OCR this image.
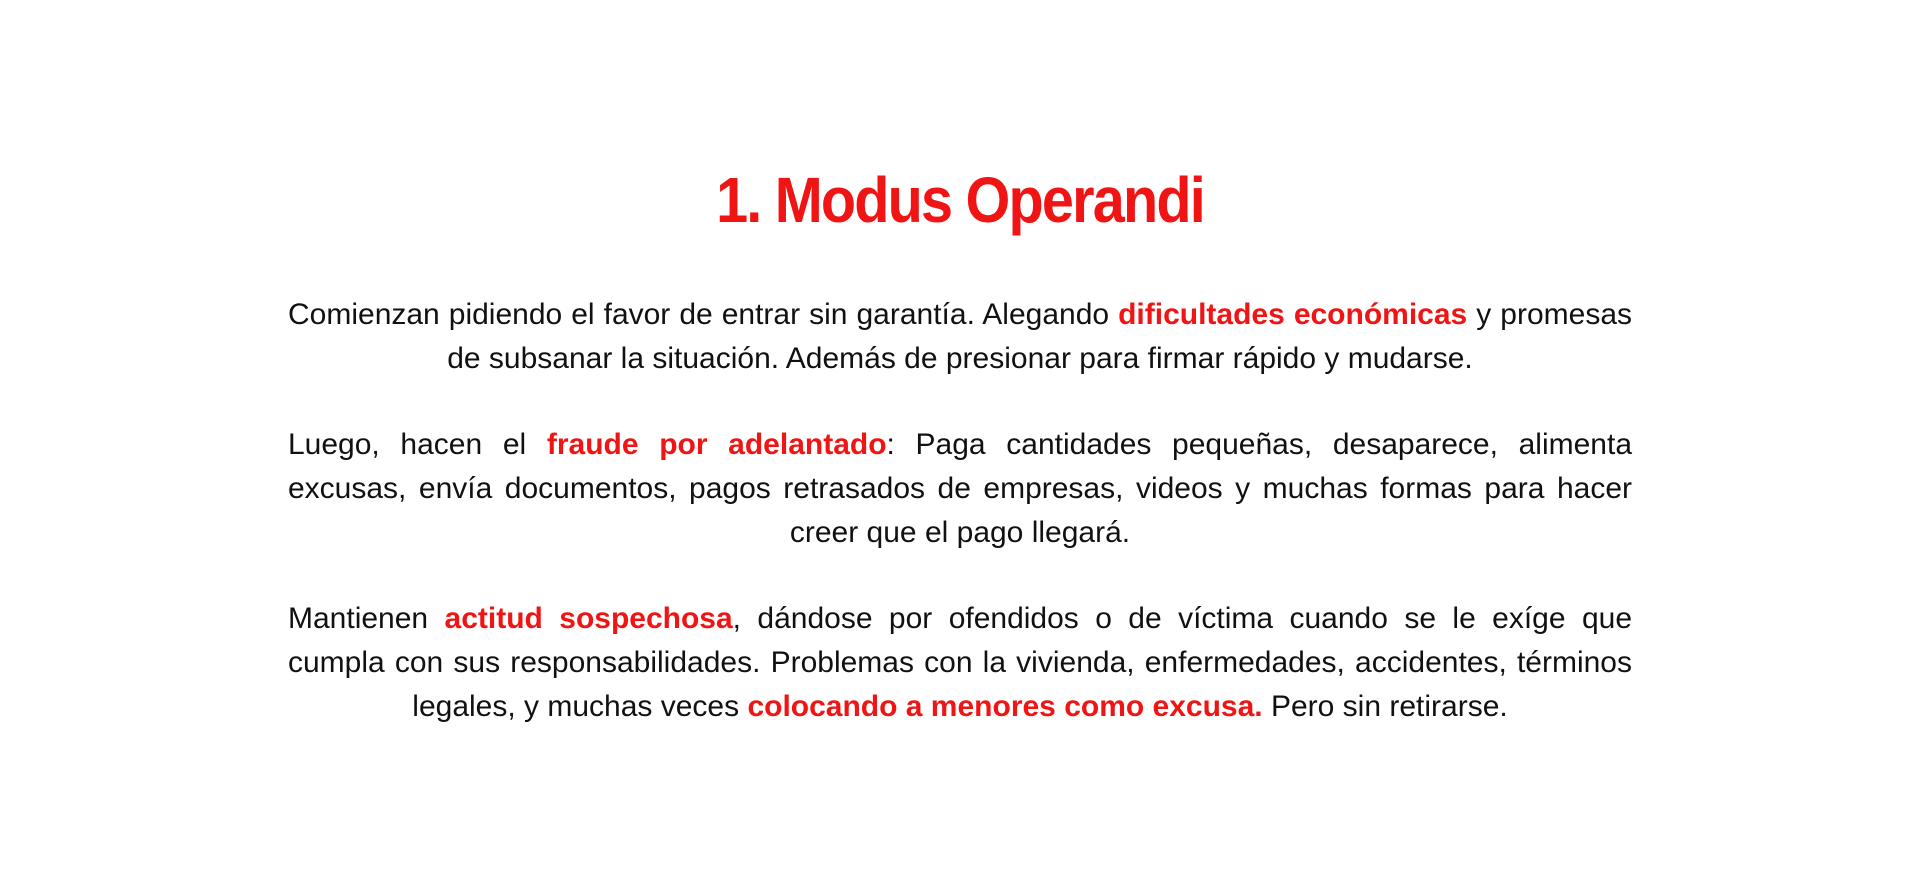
1. Modus Operandi

Comienzan pidiendo el favor de entrar sin garantía. Alegando dificultades económicas y promesas de subsanar la situación. Además de presionar para firmar rápido y mudarse.

Luego, hacen el fraude por adelantado: Paga cantidades pequeñas, desaparece, alimenta excusas, envía documentos, pagos retrasados de empresas, videos y muchas formas para hacer creer que el pago llegará.

Mantienen actitud sospechosa, dándose por ofendidos o de víctima cuando se le exíge que cumpla con sus responsabilidades. Problemas con la vivienda, enfermedades, accidentes, términos legales, y muchas veces colocando a menores como excusa. Pero sin retirarse.
